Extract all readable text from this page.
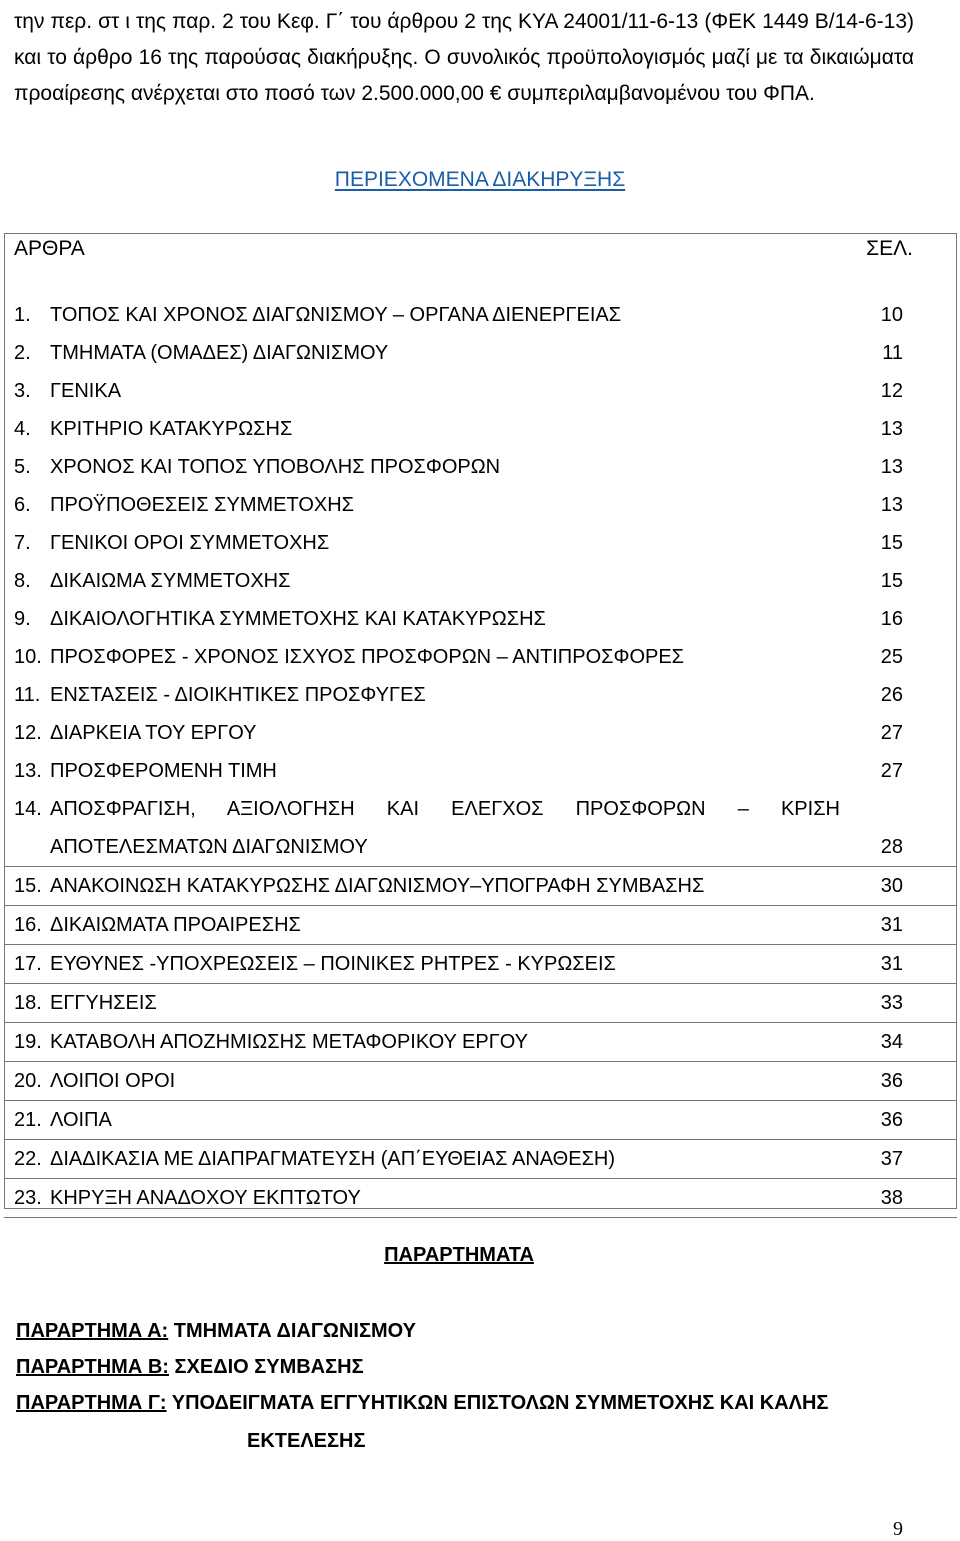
την περ. στ ι της παρ. 2 του Κεφ. Γ΄ του άρθρου 2 της ΚΥΑ 24001/11-6-13 (ΦΕΚ 1449 Β/14-6-13) και το άρθρο 16 της παρούσας διακήρυξης. Ο συνολικός προϋπολογισμός μαζί με τα δικαιώματα προαίρεσης ανέρχεται στο ποσό των 2.500.000,00 € συμπεριλαμβανομένου του ΦΠΑ.

ΠΕΡΙΕΧΟΜΕΝΑ ΔΙΑΚΗΡΥΞΗΣ
ΑΡΘΡΑ		ΣΕΛ.
1.	ΤΟΠΟΣ ΚΑΙ ΧΡΟΝΟΣ ΔΙΑΓΩΝΙΣΜΟΥ – ΟΡΓΑΝΑ ΔΙΕΝΕΡΓΕΙΑΣ	10
2.	ΤΜΗΜΑΤΑ (ΟΜΑΔΕΣ) ΔΙΑΓΩΝΙΣΜΟΥ	11
3.	ΓΕΝΙΚΑ	12
4.	ΚΡΙΤΗΡΙΟ ΚΑΤΑΚΥΡΩΣΗΣ	13
5.	ΧΡΟΝΟΣ ΚΑΙ ΤΟΠΟΣ ΥΠΟΒΟΛΗΣ ΠΡΟΣΦΟΡΩΝ	13
6.	ΠΡΟΫΠΟΘΕΣΕΙΣ ΣΥΜΜΕΤΟΧΗΣ	13
7.	ΓΕΝΙΚΟΙ ΟΡΟΙ ΣΥΜΜΕΤΟΧΗΣ	15
8.	ΔΙΚΑΙΩΜΑ ΣΥΜΜΕΤΟΧΗΣ	15
9.	ΔΙΚΑΙΟΛΟΓΗΤΙΚΑ ΣΥΜΜΕΤΟΧΗΣ ΚΑΙ ΚΑΤΑΚΥΡΩΣΗΣ	16
10.	ΠΡΟΣΦΟΡΕΣ - ΧΡΟΝΟΣ ΙΣΧΥΟΣ ΠΡΟΣΦΟΡΩΝ – ΑΝΤΙΠΡΟΣΦΟΡΕΣ	25
11.	ΕΝΣΤΑΣΕΙΣ - ΔΙΟΙΚΗΤΙΚΕΣ ΠΡΟΣΦΥΓΕΣ	26
12.	ΔΙΑΡΚΕΙΑ ΤΟΥ ΕΡΓΟΥ	27
13.	ΠΡΟΣΦΕΡΟΜΕΝΗ ΤΙΜΗ	27
14.	ΑΠΟΣΦΡΑΓΙΣΗ, ΑΞΙΟΛΟΓΗΣΗ ΚΑΙ ΕΛΕΓΧΟΣ ΠΡΟΣΦΟΡΩΝ – ΚΡΙΣΗ ΑΠΟΤΕΛΕΣΜΑΤΩΝ ΔΙΑΓΩΝΙΣΜΟΥ	28
15.	ΑΝΑΚΟΙΝΩΣΗ ΚΑΤΑΚΥΡΩΣΗΣ ΔΙΑΓΩΝΙΣΜΟΥ–ΥΠΟΓΡΑΦΗ ΣΥΜΒΑΣΗΣ	30
16.	ΔΙΚΑΙΩΜΑΤΑ ΠΡΟΑΙΡΕΣΗΣ	31
17.	ΕΥΘΥΝΕΣ -ΥΠΟΧΡΕΩΣΕΙΣ – ΠΟΙΝΙΚΕΣ ΡΗΤΡΕΣ - ΚΥΡΩΣΕΙΣ	31
18.	ΕΓΓΥΗΣΕΙΣ	33
19.	ΚΑΤΑΒΟΛΗ ΑΠΟΖΗΜΙΩΣΗΣ ΜΕΤΑΦΟΡΙΚΟΥ ΕΡΓΟΥ	34
20.	ΛΟΙΠΟΙ ΟΡΟΙ	36
21.	ΛΟΙΠΑ	36
22.	ΔΙΑΔΙΚΑΣΙΑ ΜΕ ΔΙΑΠΡΑΓΜΑΤΕΥΣΗ (ΑΠ΄ΕΥΘΕΙΑΣ ΑΝΑΘΕΣΗ)	37
23.	ΚΗΡΥΞΗ ΑΝΑΔΟΧΟΥ ΕΚΠΤΩΤΟΥ	38

ΠΑΡΑΡΤΗΜΑΤΑ

ΠΑΡΑΡΤΗΜΑ Α: ΤΜΗΜΑΤΑ ΔΙΑΓΩΝΙΣΜΟΥ

ΠΑΡΑΡΤΗΜΑ Β: ΣΧΕΔΙΟ ΣΥΜΒΑΣΗΣ

ΠΑΡΑΡΤΗΜΑ Γ: ΥΠΟΔΕΙΓΜΑΤΑ ΕΓΓΥΗΤΙΚΩΝ ΕΠΙΣΤΟΛΩΝ ΣΥΜΜΕΤΟΧΗΣ ΚΑΙ ΚΑΛΗΣ

ΕΚΤΕΛΕΣΗΣ

9
